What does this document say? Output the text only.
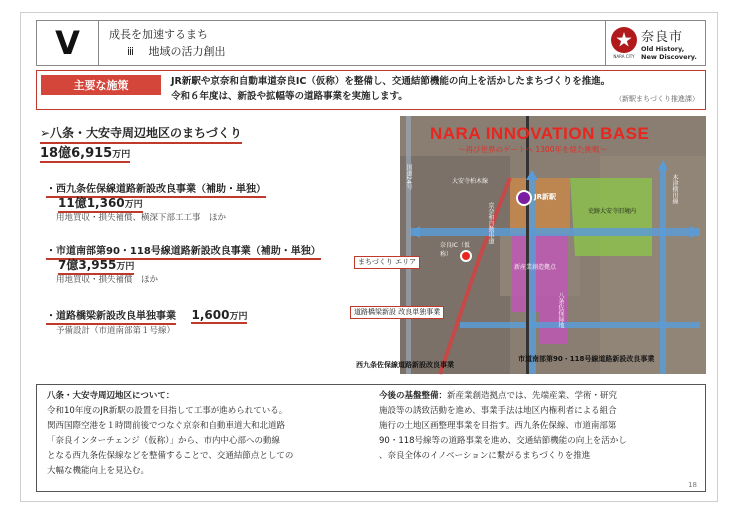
V	成長を加速するまち
ⅲ　 地域の活力創出	NARA CITY
奈良市
Old History,
New Discovery.
主要な施策	JR新駅や京奈和自動車道奈良IC（仮称）を整備し、交通結節機能の向上を活かしたまちづくりを推進。
令和６年度は、新設や拡幅等の道路事業を実施します。	（新駅まちづくり推進課）
➢八条・大安寺周辺地区のまちづくり
18億6,915万円
・西九条佐保線道路新設改良事業（補助・単独）
11億1,360万円
用地買収・損失補償、横深下部工工事　ほか
・市道南部第90・118号線道路新設改良事業（補助・単独）
7億3,955万円
用地買収・損失補償　ほか
・道路橋梁新設改良単独事業 1,600万円
予備設計（市道南部第１号線）
NARA INNOVATION BASE
〜再び世界のゲートへ 1300年を経た挑戦〜
国道24号	大安寺柏木線
JR新駅
京奈和自動車道
奈良IC（仮称）
史跡大安寺旧境内
新産業創造拠点
八条佐保緑地
木津横田線
まちづくり エリア
道路橋梁新設 改良単独事業
西九条佐保線道路新設改良事業
市道南部第90・118号線道路新設改良事業
八条・大安寺周辺地区について：
令和10年度のJR新駅の設置を目指して工事が進められている。
関西国際空港を１時間前後でつなぐ京奈和自動車道大和北道路
「奈良インターチェンジ（仮称）」から、市内中心部への動線
となる西九条佐保線などを整備することで、交通結節点としての
大幅な機能向上を見込む。
今後の基盤整備：新産業創造拠点では、先端産業、学術・研究
施設等の誘致活動を進め、事業手法は地区内権利者による組合
施行の土地区画整理事業を目指す。西九条佐保線、市道南部第
90・118号線等の道路事業を進め、交通結節機能の向上を活かし
、奈良全体のイノベーションに繋がるまちづくりを推進
18
